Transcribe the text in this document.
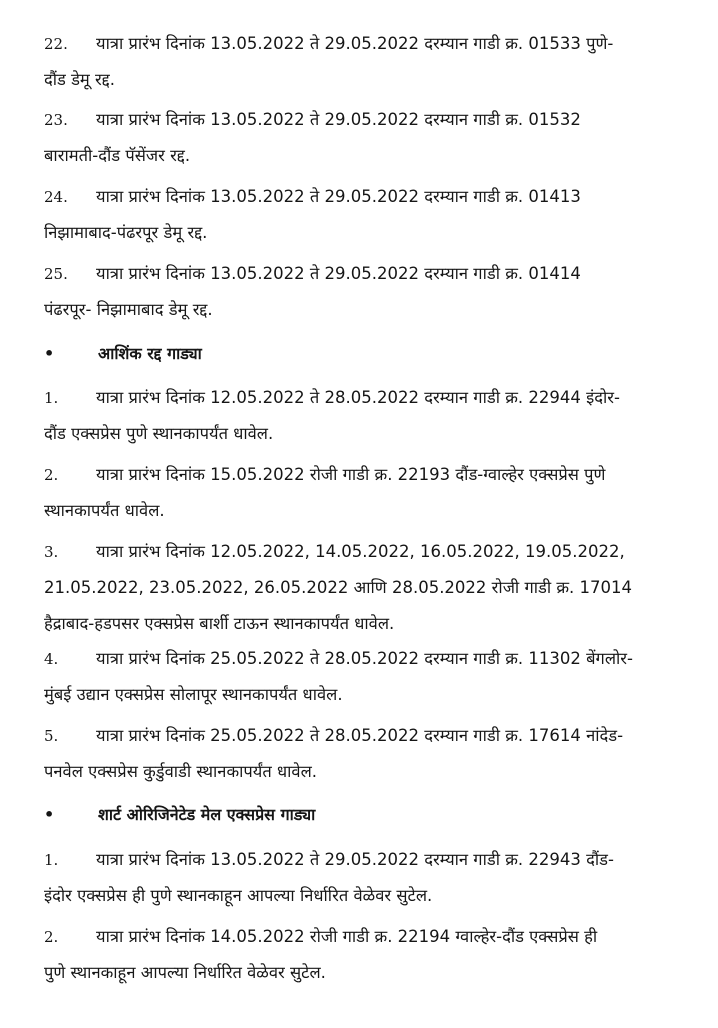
22. यात्रा प्रारंभ दिनांक 13.05.2022 ते 29.05.2022 दरम्यान गाडी क्र. 01533 पुणे-
दौंड डेमू रद्द.
23. यात्रा प्रारंभ दिनांक 13.05.2022 ते 29.05.2022 दरम्यान गाडी क्र. 01532
बारामती-दौंड पॅसेंजर रद्द.
24. यात्रा प्रारंभ दिनांक 13.05.2022 ते 29.05.2022 दरम्यान गाडी क्र. 01413
निझामाबाद-पंढरपूर डेमू रद्द.
25. यात्रा प्रारंभ दिनांक 13.05.2022 ते 29.05.2022 दरम्यान गाडी क्र. 01414
पंढरपूर- निझामाबाद डेमू रद्द.
•	आशिंक रद्द गाड्या
1. यात्रा प्रारंभ दिनांक 12.05.2022 ते 28.05.2022 दरम्यान गाडी क्र. 22944 इंदोर-
दौंड एक्सप्रेस पुणे स्थानकापर्यंत धावेल.
2. यात्रा प्रारंभ दिनांक 15.05.2022 रोजी गाडी क्र. 22193 दौंड-ग्वाल्हेर एक्सप्रेस पुणे
स्थानकापर्यंत धावेल.
3. यात्रा प्रारंभ दिनांक 12.05.2022, 14.05.2022, 16.05.2022, 19.05.2022,
21.05.2022, 23.05.2022, 26.05.2022 आणि 28.05.2022 रोजी गाडी क्र. 17014
हैद्राबाद-हडपसर एक्सप्रेस बार्शी टाऊन स्थानकापर्यंत धावेल.
4. यात्रा प्रारंभ दिनांक 25.05.2022 ते 28.05.2022 दरम्यान गाडी क्र. 11302 बेंगलोर-
मुंबई उद्यान एक्सप्रेस सोलापूर स्थानकापर्यंत धावेल.
5. यात्रा प्रारंभ दिनांक 25.05.2022 ते 28.05.2022 दरम्यान गाडी क्र. 17614 नांदेड-
पनवेल एक्सप्रेस कुर्डुवाडी स्थानकापर्यंत धावेल.
•	शार्ट ओरिजिनेटेड मेल एक्सप्रेस गाड्या
1. यात्रा प्रारंभ दिनांक 13.05.2022 ते 29.05.2022 दरम्यान गाडी क्र. 22943 दौंड-
इंदोर एक्सप्रेस ही पुणे स्थानकाहून आपल्या निर्धारित वेळेवर सुटेल.
2. यात्रा प्रारंभ दिनांक 14.05.2022 रोजी गाडी क्र. 22194 ग्वाल्हेर-दौंड एक्सप्रेस ही
पुणे स्थानकाहून आपल्या निर्धारित वेळेवर सुटेल.
